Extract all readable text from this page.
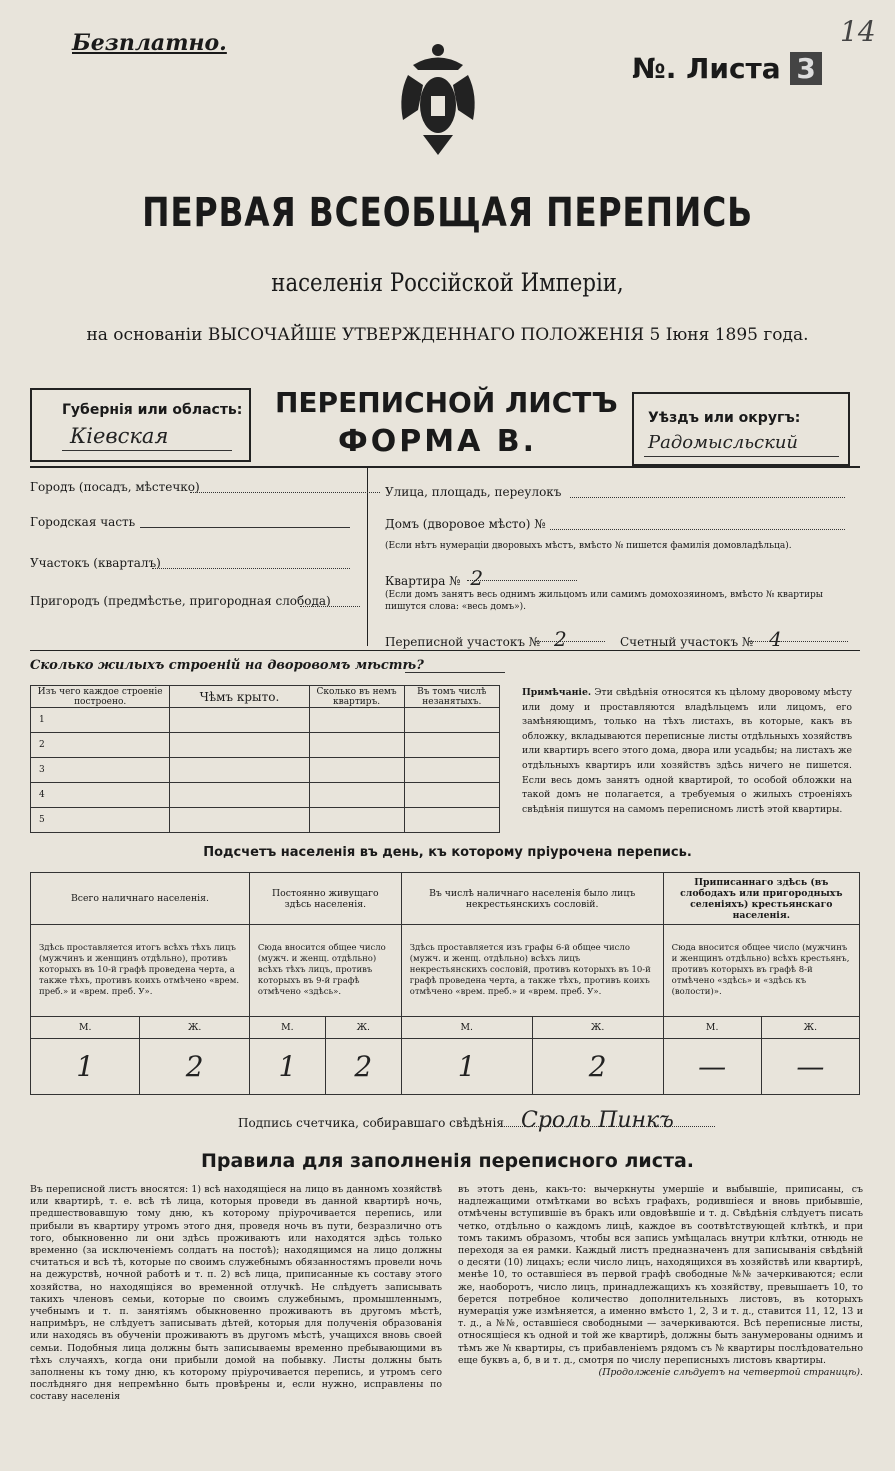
Безплатно.
№. Листа 3
14
ПЕРВАЯ ВСЕОБЩАЯ ПЕРЕПИСЬ
населенія Россійской Имперіи,
на основаніи ВЫСОЧАЙШЕ УТВЕРЖДЕННАГО ПОЛОЖЕНІЯ 5 Іюня 1895 года.
Губернія или область:
Кіевская
ПЕРЕПИСНОЙ ЛИСТЪ
ФОРМА В.
Уѣздъ или округъ:
Радомысльский
Городъ (посадъ, мѣстечко)
Городская часть
Участокъ (кварталъ)
Пригородъ (предмѣстье, пригородная слобода)
Улица, площадь, переулокъ
Домъ (дворовое мѣсто) №
(Если нѣтъ нумераціи дворовыхъ мѣстъ, вмѣсто № пишется фамилія домовладѣльца).
Квартира № 2
(Если домъ занятъ весь однимъ жильцомъ или самимъ домохозяиномъ, вмѣсто № квартиры пишутся слова: «весь домъ»).
Переписной участокъ № 2	Счетный участокъ № 4
Сколько жилыхъ строеній на дворовомъ мѣстѣ?
Изъ чего каждое строеніе построено.	Чѣмъ крыто.	Сколько въ немъ квартиръ.	Въ томъ числѣ незанятыхъ.
1			
2			
3			
4			
5			
Примѣчаніе. Эти свѣдѣнія относятся къ цѣлому дворовому мѣсту или дому и проставляются владѣльцемъ или лицомъ, его замѣняющимъ, только на тѣхъ листахъ, въ которые, какъ въ обложку, вкладываются переписные листы отдѣльныхъ хозяйствъ или квартиръ всего этого дома, двора или усадьбы; на листахъ же отдѣльныхъ квартиръ или хозяйствъ здѣсь ничего не пишется. Если весь домъ занятъ одной квартирой, то особой обложки на такой домъ не полагается, а требуемыя о жилыхъ строеніяхъ свѣдѣнія пишутся на самомъ переписномъ листѣ этой квартиры.
Подсчетъ населенія въ день, къ которому пріурочена перепись.
Всего наличнаго населенія.		Постоянно живущаго здѣсь населенія.		Въ числѣ наличнаго населенія было лицъ некрестьянскихъ сословій.		Приписаннаго здѣсь (въ слободахъ или пригородныхъ селеніяхъ) крестьянскаго населенія.	
Здѣсь проставляется итогъ всѣхъ тѣхъ лицъ (мужчинъ и женщинъ отдѣльно), противъ которыхъ въ 10-й графѣ проведена черта, а также тѣхъ, противъ коихъ отмѣчено «врем. преб.» и «врем. преб. У».		Сюда вносится общее число (мужч. и женщ. отдѣльно) всѣхъ тѣхъ лицъ, противъ которыхъ въ 9-й графѣ отмѣчено «здѣсь».		Здѣсь проставляется изъ графы 6-й общее число (мужч. и женщ. отдѣльно) всѣхъ лицъ некрестьянскихъ сословій, противъ которыхъ въ 10-й графѣ проведена черта, а также тѣхъ, противъ коихъ отмѣчено «врем. преб.» и «врем. преб. У».		Сюда вносится общее число (мужчинъ и женщинъ отдѣльно) всѣхъ крестьянъ, противъ которыхъ въ графѣ 8-й отмѣчено «здѣсь» и «здѣсь къ (волости)».	
М.	Ж.	М.	Ж.	М.	Ж.	М.	Ж.
1	2	1	2	1	2	—	—
Подпись счетчика, собиравшаго свѣдѣнія Сроль Пинкъ
Правила для заполненія переписного листа.
Въ переписной листъ вносятся: 1) всѣ находящіеся на лицо въ данномъ хозяйствѣ или квартирѣ, т. е. всѣ тѣ лица, которыя проведи въ данной квартирѣ ночь, предшествовавшую тому дню, къ которому пріурочивается перепись, или прибыли въ квартиру утромъ этого дня, проведя ночь въ пути, безразлично отъ того, обыкновенно ли они здѣсь проживаютъ или находятся здѣсь только временно (за исключеніемъ солдатъ на постоѣ); находящимся на лицо должны считаться и всѣ тѣ, которые по своимъ служебнымъ обязанностямъ провели ночь на дежурствѣ, ночной работѣ и т. п. 2) всѣ лица, приписанные къ составу этого хозяйства, но находящіяся во временной отлучкѣ. Не слѣдуетъ записывать такихъ членовъ семьи, которые по своимъ служебнымъ, промышленнымъ, учебнымъ и т. п. занятіямъ обыкновенно проживаютъ въ другомъ мѣстѣ, напримѣръ, не слѣдуетъ записывать дѣтей, которыя для полученія образованія или находясь въ обученіи проживаютъ въ другомъ мѣстѣ, учащихся вновь своей семьи. Подобныя лица должны быть записываемы временно пребывающими въ тѣхъ случаяхъ, когда они прибыли домой на побывку. Листы должны быть заполнены къ тому дню, къ которому пріурочивается перепись, и утромъ сего послѣдняго дня непремѣнно быть провѣрены и, если нужно, исправлены по составу населенія
въ этотъ день, какъ-то: вычеркнуты умершіе и выбывшіе, приписаны, съ надлежащими отмѣтками во всѣхъ графахъ, родившіеся и вновь прибывшіе, отмѣчены вступившіе въ бракъ или овдовѣвшіе и т. д. Свѣдѣнія слѣдуетъ писать четко, отдѣльно о каждомъ лицѣ, каждое въ соотвѣтствующей клѣткѣ, и при томъ такимъ образомъ, чтобы вся запись умѣщалась внутри клѣтки, отнюдь не переходя за ея рамки. Каждый листъ предназначенъ для записыванія свѣдѣній о десяти (10) лицахъ; если число лицъ, находящихся въ хозяйствѣ или квартирѣ, менѣе 10, то оставшіеся въ первой графѣ свободные №№ зачеркиваются; если же, наоборотъ, число лицъ, принадлежащихъ къ хозяйству, превышаетъ 10, то берется потребное количество дополнительныхъ листовъ, въ которыхъ нумерація уже измѣняется, а именно вмѣсто 1, 2, 3 и т. д., ставится 11, 12, 13 и т. д., а №№, оставшіеся свободными — зачеркиваются. Всѣ переписные листы, относящіеся къ одной и той же квартирѣ, должны быть занумерованы однимъ и тѣмъ же № квартиры, съ прибавленіемъ рядомъ съ № квартиры послѣдовательно еще буквъ а, б, в и т. д., смотря по числу переписныхъ листовъ квартиры.
(Продолженіе слѣдуетъ на четвертой страницѣ).
